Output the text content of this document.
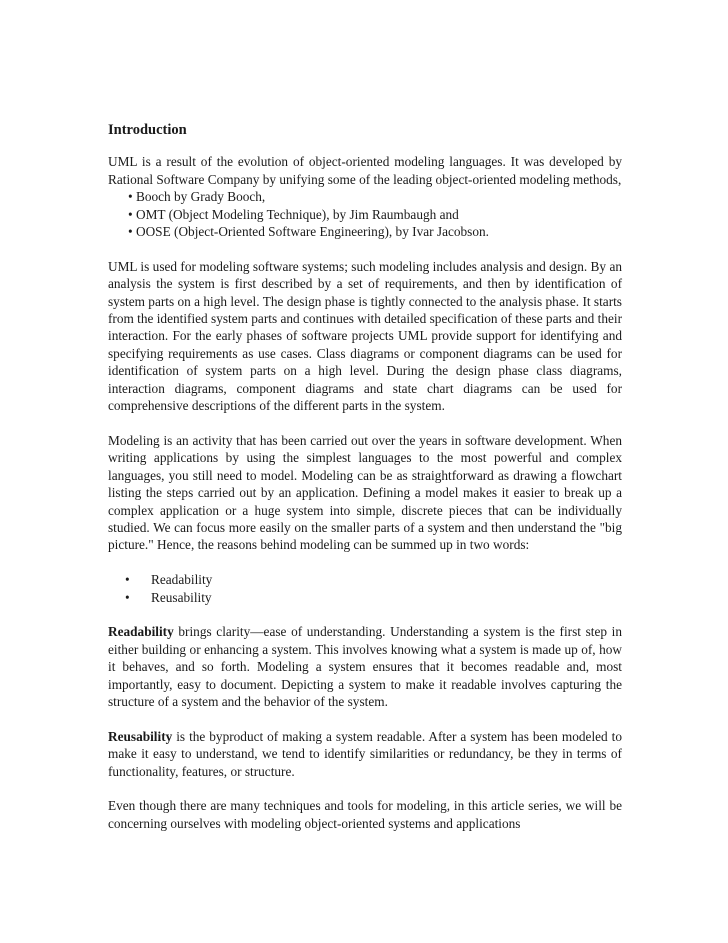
Introduction

UML is a result of the evolution of object-oriented modeling languages. It was developed by Rational Software Company by unifying some of the leading object-oriented modeling methods,

• Booch by Grady Booch,
• OMT (Object Modeling Technique), by Jim Raumbaugh and
• OOSE (Object-Oriented Software Engineering), by Ivar Jacobson.

UML is used for modeling software systems; such modeling includes analysis and design. By an analysis the system is first described by a set of requirements, and then by identification of system parts on a high level. The design phase is tightly connected to the analysis phase. It starts from the identified system parts and continues with detailed specification of these parts and their interaction. For the early phases of software projects UML provide support for identifying and specifying requirements as use cases. Class diagrams or component diagrams can be used for identification of system parts on a high level. During the design phase class diagrams, interaction diagrams, component diagrams and state chart diagrams can be used for comprehensive descriptions of the different parts in the system.

Modeling is an activity that has been carried out over the years in software development. When writing applications by using the simplest languages to the most powerful and complex languages, you still need to model. Modeling can be as straightforward as drawing a flowchart listing the steps carried out by an application. Defining a model makes it easier to break up a complex application or a huge system into simple, discrete pieces that can be individually studied. We can focus more easily on the smaller parts of a system and then understand the "big picture." Hence, the reasons behind modeling can be summed up in two words:

• Readability
• Reusability

Readability brings clarity—ease of understanding. Understanding a system is the first step in either building or enhancing a system. This involves knowing what a system is made up of, how it behaves, and so forth. Modeling a system ensures that it becomes readable and, most importantly, easy to document. Depicting a system to make it readable involves capturing the structure of a system and the behavior of the system.

Reusability is the byproduct of making a system readable. After a system has been modeled to make it easy to understand, we tend to identify similarities or redundancy, be they in terms of functionality, features, or structure.

Even though there are many techniques and tools for modeling, in this article series, we will be concerning ourselves with modeling object-oriented systems and applications
